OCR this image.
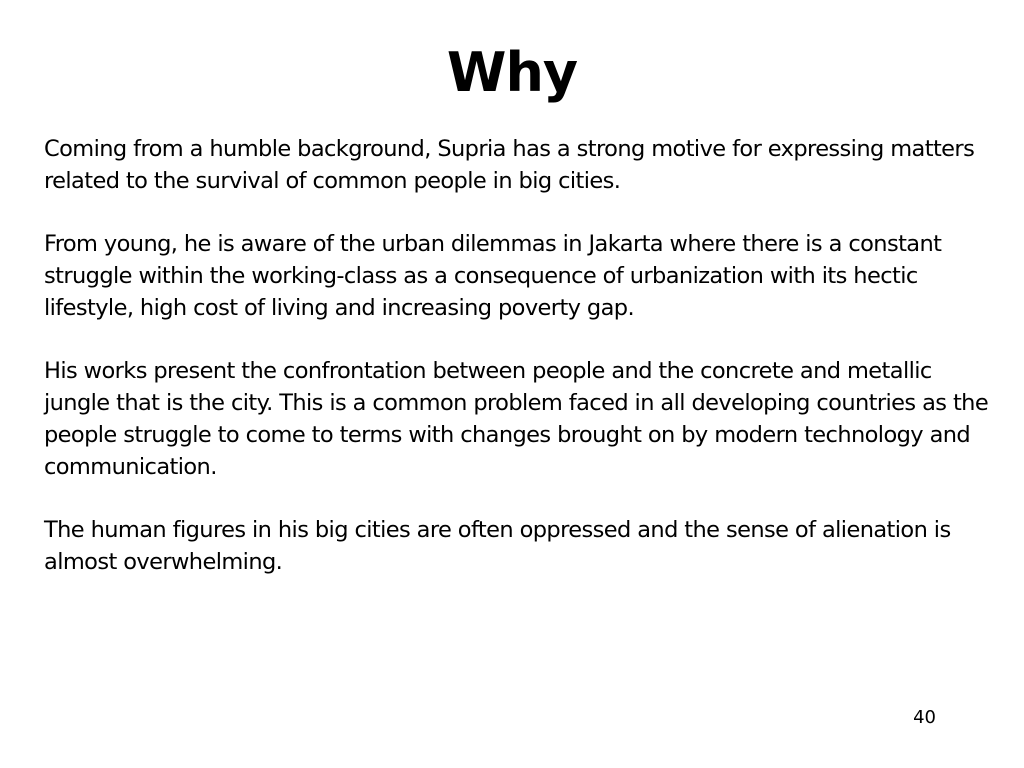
Why

Coming from a humble background, Supria has a strong motive for expressing matters related to the survival of common people in big cities.

From young, he is aware of the urban dilemmas in Jakarta where there is a constant struggle within the working-class as a consequence of urbanization with its hectic lifestyle, high cost of living and increasing poverty gap.

His works present the confrontation between people and the concrete and metallic jungle that is the city. This is a common problem faced in all developing countries as the people struggle to come to terms with changes brought on by modern technology and communication.

The human figures in his big cities are often oppressed and the sense of alienation is almost overwhelming.

40
